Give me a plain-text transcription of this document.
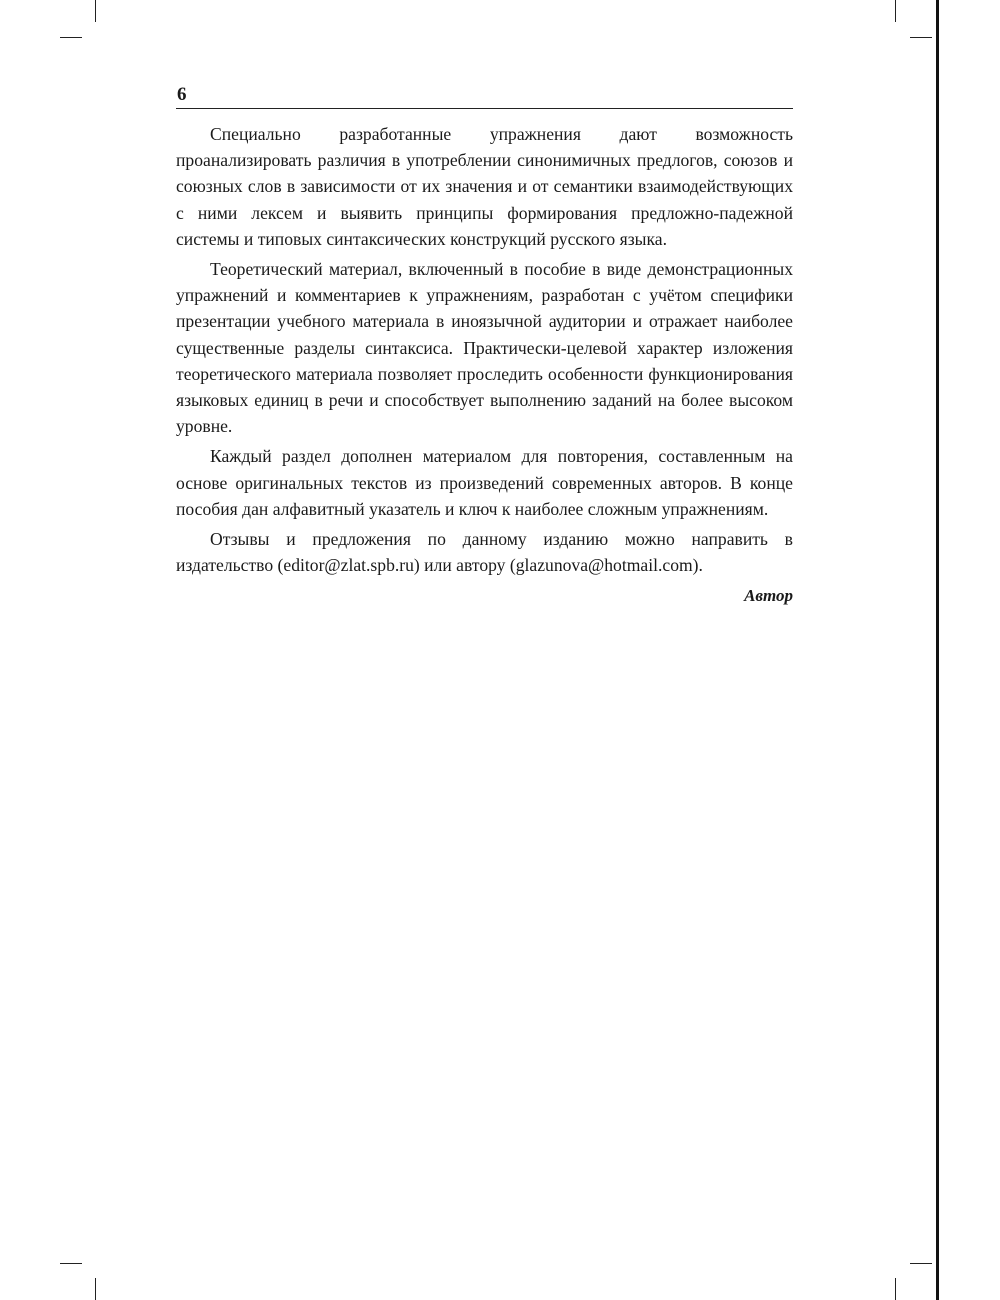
6

Специально разработанные упражнения дают возможность проанализировать различия в употреблении синонимичных предлогов, союзов и союзных слов в зависимости от их значения и от семантики взаимодействующих с ними лексем и выявить принципы формирования предложно-падежной системы и типовых синтаксических конструкций русского языка.

Теоретический материал, включенный в пособие в виде демонстрационных упражнений и комментариев к упражнениям, разработан с учётом специфики презентации учебного материала в иноязычной аудитории и отражает наиболее существенные разделы синтаксиса. Практически-целевой характер изложения теоретического материала позволяет проследить особенности функционирования языковых единиц в речи и способствует выполнению заданий на более высоком уровне.

Каждый раздел дополнен материалом для повторения, составленным на основе оригинальных текстов из произведений современных авторов. В конце пособия дан алфавитный указатель и ключ к наиболее сложным упражнениям.

Отзывы и предложения по данному изданию можно направить в издательство (editor@zlat.spb.ru) или автору (glazunova@hotmail.com).

Автор
